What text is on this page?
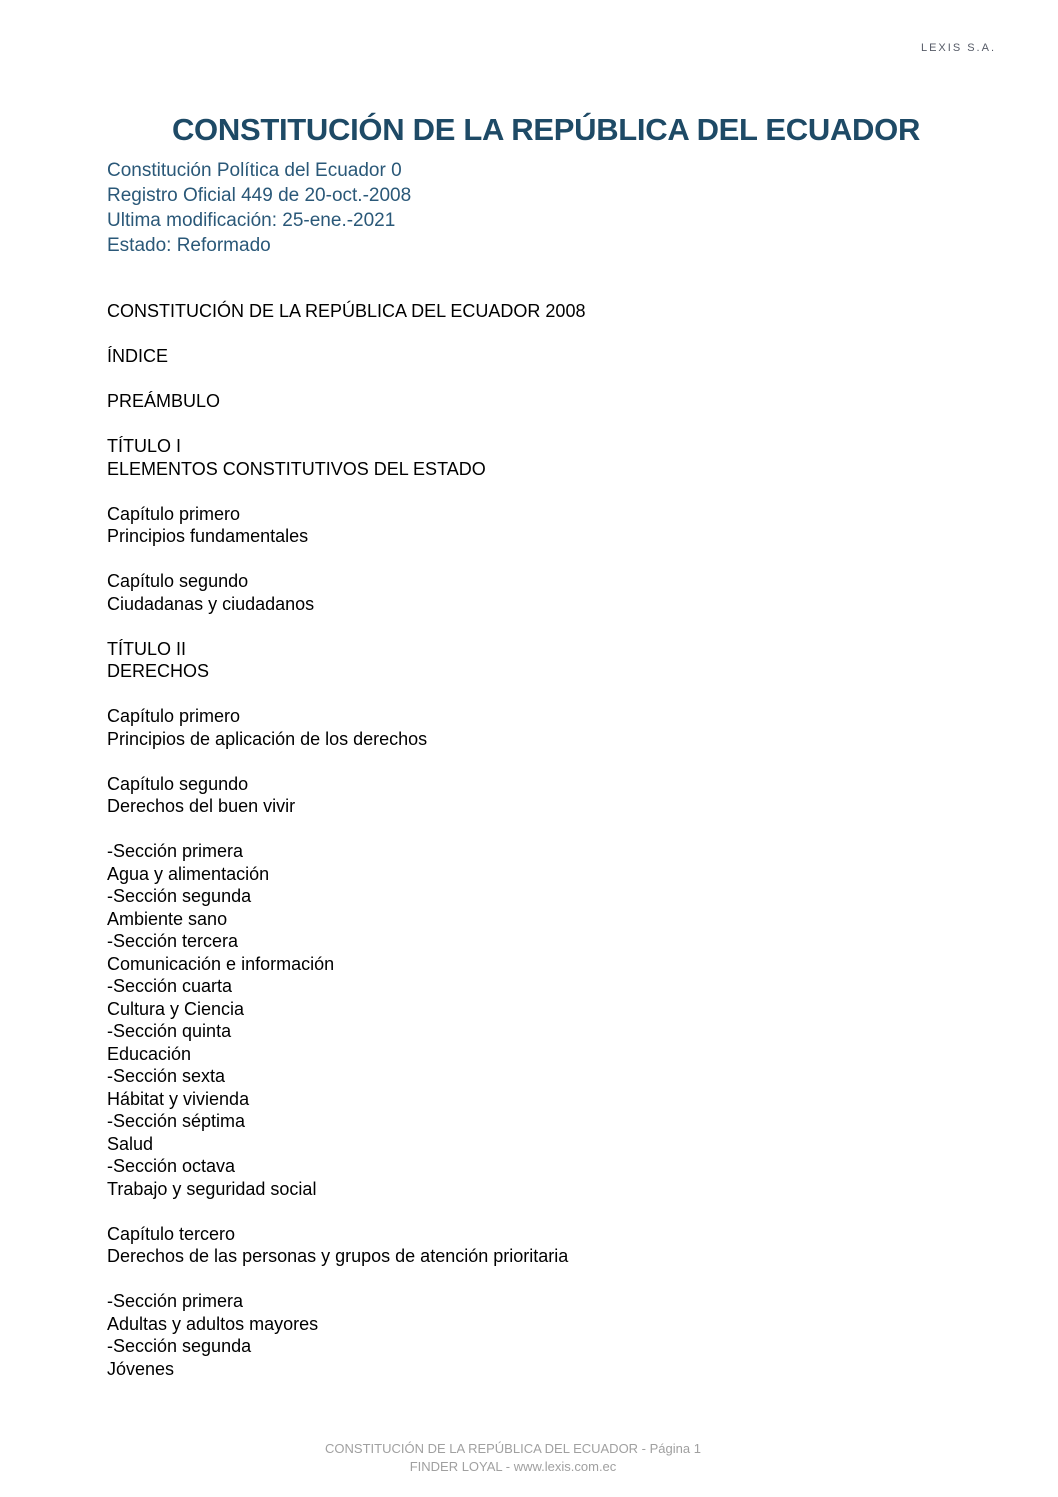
LEXIS S.A.
CONSTITUCIÓN DE LA REPÚBLICA DEL ECUADOR
Constitución Política del Ecuador 0
Registro Oficial 449 de 20-oct.-2008
Ultima modificación: 25-ene.-2021
Estado: Reformado
CONSTITUCIÓN DE LA REPÚBLICA DEL ECUADOR 2008
ÍNDICE
PREÁMBULO
TÍTULO I
ELEMENTOS CONSTITUTIVOS DEL ESTADO
Capítulo primero
Principios fundamentales
Capítulo segundo
Ciudadanas y ciudadanos
TÍTULO II
DERECHOS
Capítulo primero
Principios de aplicación de los derechos
Capítulo segundo
Derechos del buen vivir
-Sección primera
Agua y alimentación
-Sección segunda
Ambiente sano
-Sección tercera
Comunicación e información
-Sección cuarta
Cultura y Ciencia
-Sección quinta
Educación
-Sección sexta
Hábitat y vivienda
-Sección séptima
Salud
-Sección octava
Trabajo y seguridad social
Capítulo tercero
Derechos de las personas y grupos de atención prioritaria
-Sección primera
Adultas y adultos mayores
-Sección segunda
Jóvenes
CONSTITUCIÓN DE LA REPÚBLICA DEL ECUADOR - Página 1
FINDER LOYAL - www.lexis.com.ec
